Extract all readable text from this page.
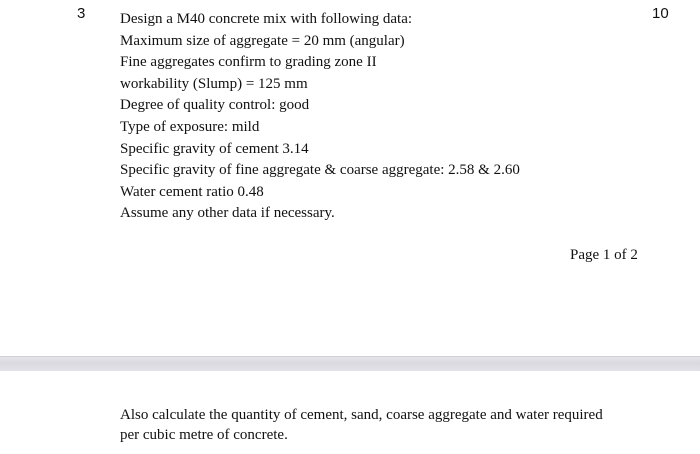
3	10
Design a M40 concrete mix with following data:
Maximum size of aggregate = 20 mm (angular)
Fine aggregates confirm to grading zone II
workability (Slump) = 125 mm
Degree of quality control: good
Type of exposure: mild
Specific gravity of cement 3.14
Specific gravity of fine aggregate & coarse aggregate: 2.58 & 2.60
Water cement ratio 0.48
Assume any other data if necessary.
Page 1 of 2
Also calculate the quantity of cement, sand, coarse aggregate and water required
per cubic metre of concrete.
